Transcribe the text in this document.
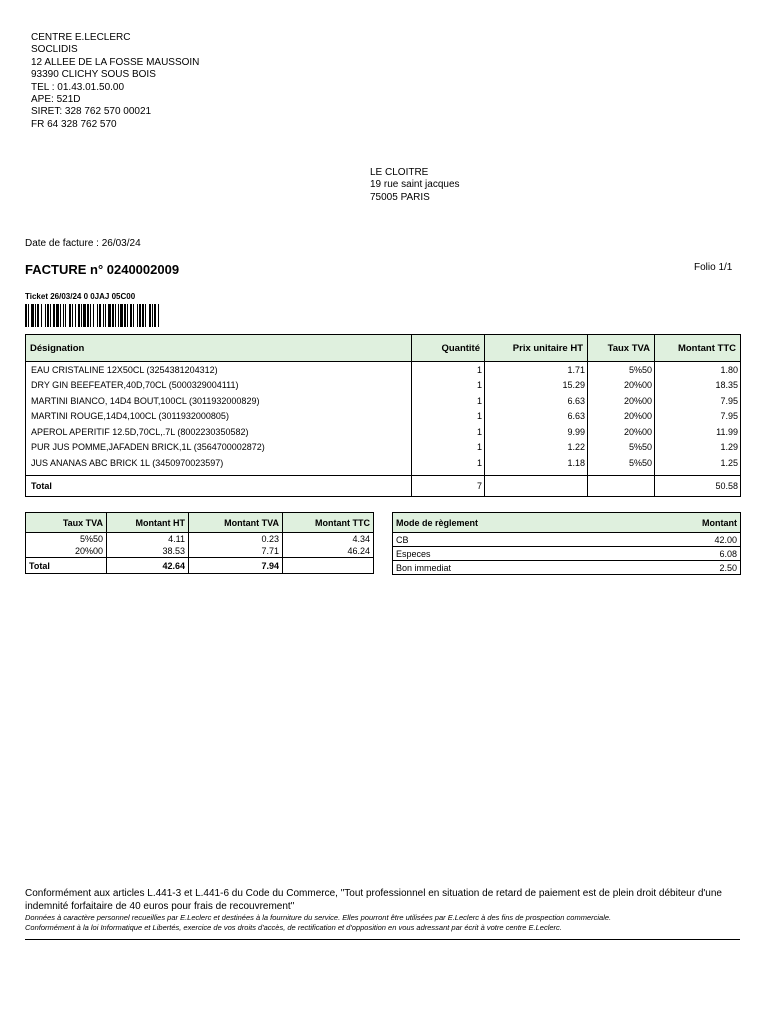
CENTRE E.LECLERC
SOCLIDIS
12 ALLEE DE LA FOSSE MAUSSOIN
93390 CLICHY SOUS BOIS
TEL : 01.43.01.50.00
APE: 521D
SIRET: 328 762 570 00021
FR 64 328 762 570
LE CLOITRE
19 rue saint jacques
75005 PARIS
Date de facture : 26/03/24
FACTURE n° 0240002009	Folio 1/1
Ticket 26/03/24 0 0JAJ 05C00
Désignation	Quantité	Prix unitaire HT	Taux TVA	Montant TTC
EAU CRISTALINE 12X50CL (3254381204312)	1	1.71	5%50	1.80
DRY GIN BEEFEATER,40D,70CL (5000329004111)	1	15.29	20%00	18.35
MARTINI BIANCO, 14D4 BOUT,100CL (3011932000829)	1	6.63	20%00	7.95
MARTINI ROUGE,14D4,100CL (3011932000805)	1	6.63	20%00	7.95
APEROL APERITIF 12.5D,70CL,.7L (8002230350582)	1	9.99	20%00	11.99
PUR JUS POMME,JAFADEN BRICK,1L (3564700002872)	1	1.22	5%50	1.29
JUS ANANAS ABC BRICK 1L (3450970023597)	1	1.18	5%50	1.25
Total	7			50.58
Taux TVA	Montant HT	Montant TVA	Montant TTC
5%50	4.11	0.23	4.34
20%00	38.53	7.71	46.24
Total	42.64	7.94	
Mode de règlement	Montant
CB	42.00
Especes	6.08
Bon immediat	2.50
Conformément aux articles L.441-3 et L.441-6 du Code du Commerce, "Tout professionnel en situation de retard de paiement est de plein droit débiteur d'une indemnité forfaitaire de 40 euros pour frais de recouvrement"
Données à caractère personnel recueillies par E.Leclerc et destinées à la fourniture du service. Elles pourront être utilisées par E.Leclerc à des fins de prospection commerciale.
Conformément à la loi Informatique et Libertés, exercice de vos droits d'accès, de rectification et d'opposition en vous adressant par écrit à votre centre E.Leclerc.
